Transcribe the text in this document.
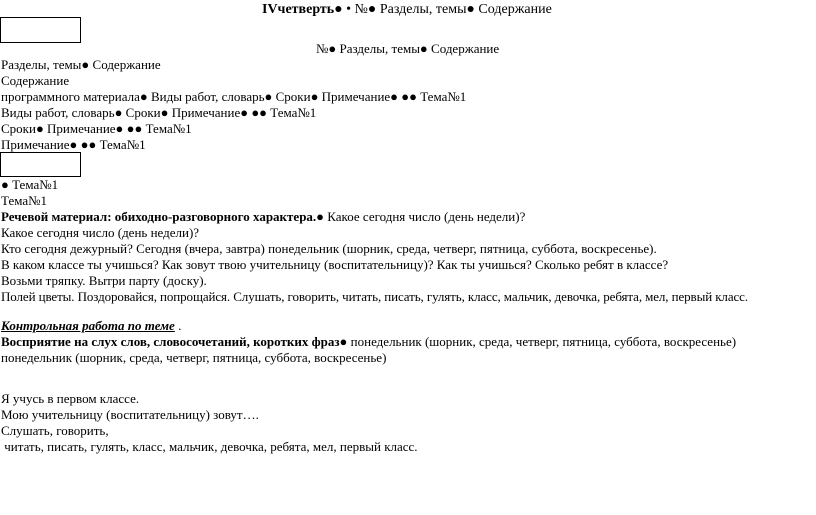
IVчетверть● • №● Разделы, темы● Содержание
№● Разделы, темы● Содержание
Разделы, темы● Содержание
Содержание
программного материала● Виды работ, словарь● Сроки● Примечание● ●● Тема№1
Виды работ, словарь● Сроки● Примечание● ●● Тема№1
Сроки● Примечание● ●● Тема№1
Примечание● ●● Тема№1
● Тема№1
Тема№1
Речевой материал: обиходно-разговорного характера.● Какое сегодня число (день недели)?
Какое сегодня число (день недели)?
Кто сегодня дежурный? Сегодня (вчера, завтра) понедельник (шорник, среда, четверг, пятница, суббота, воскресенье).
В каком классе ты учишься? Как зовут твою учительницу (воспитательницу)? Как ты учишься? Сколько ребят в классе?
Возьми тряпку. Вытри парту (доску).
Полей цветы. Поздоровайся, попрощайся. Слушать, говорить, читать, писать, гулять, класс, мальчик, девочка, ребята, мел, первый класс.
Контрольная работа по теме .
Восприятие на слух слов, словосочетаний, коротких фраз● понедельник (шорник, среда, четверг, пятница, суббота, воскресенье)
понедельник (шорник, среда, четверг, пятница, суббота, воскресенье)
Я учусь в первом классе.
Мою учительницу (воспитательницу) зовут….
Слушать, говорить,
читать, писать, гулять, класс, мальчик, девочка, ребята, мел, первый класс.
